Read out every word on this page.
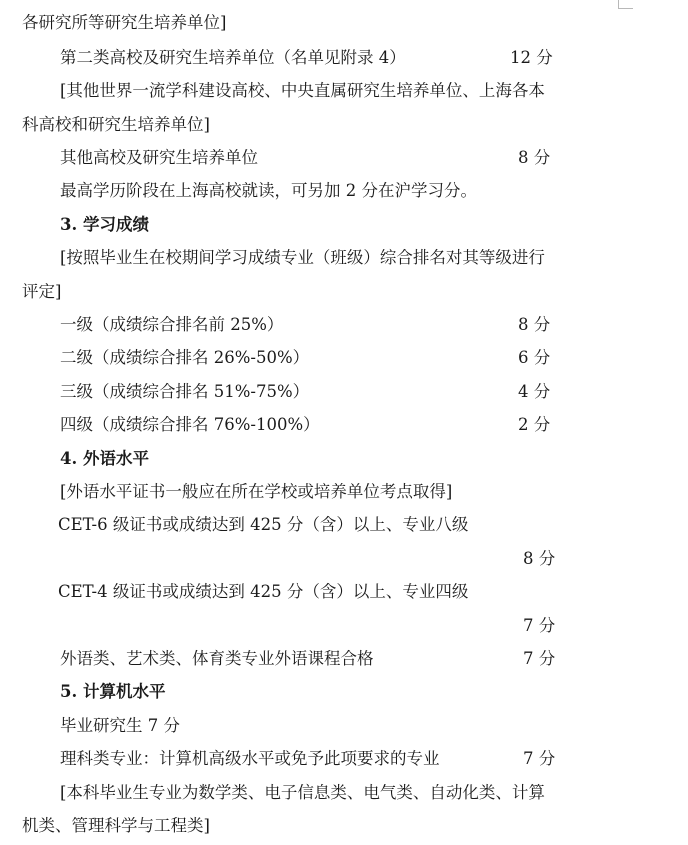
各研究所等研究生培养单位]
第二类高校及研究生培养单位（名单见附录 4）	12 分
[其他世界一流学科建设高校、中央直属研究生培养单位、上海各本
科高校和研究生培养单位]
其他高校及研究生培养单位	8 分
最高学历阶段在上海高校就读，可另加 2 分在沪学习分。
3. 学习成绩
[按照毕业生在校期间学习成绩专业（班级）综合排名对其等级进行
评定]
一级（成绩综合排名前 25%）	8 分
二级（成绩综合排名 26%-50%）	6 分
三级（成绩综合排名 51%-75%）	4 分
四级（成绩综合排名 76%-100%）	2 分
4. 外语水平
[外语水平证书一般应在所在学校或培养单位考点取得]
CET-6 级证书或成绩达到 425 分（含）以上、专业八级
8 分
CET-4 级证书或成绩达到 425 分（含）以上、专业四级
7 分
外语类、艺术类、体育类专业外语课程合格	7 分
5. 计算机水平
毕业研究生 7 分
理科类专业：计算机高级水平或免予此项要求的专业	7 分
[本科毕业生专业为数学类、电子信息类、电气类、自动化类、计算
机类、管理科学与工程类]
